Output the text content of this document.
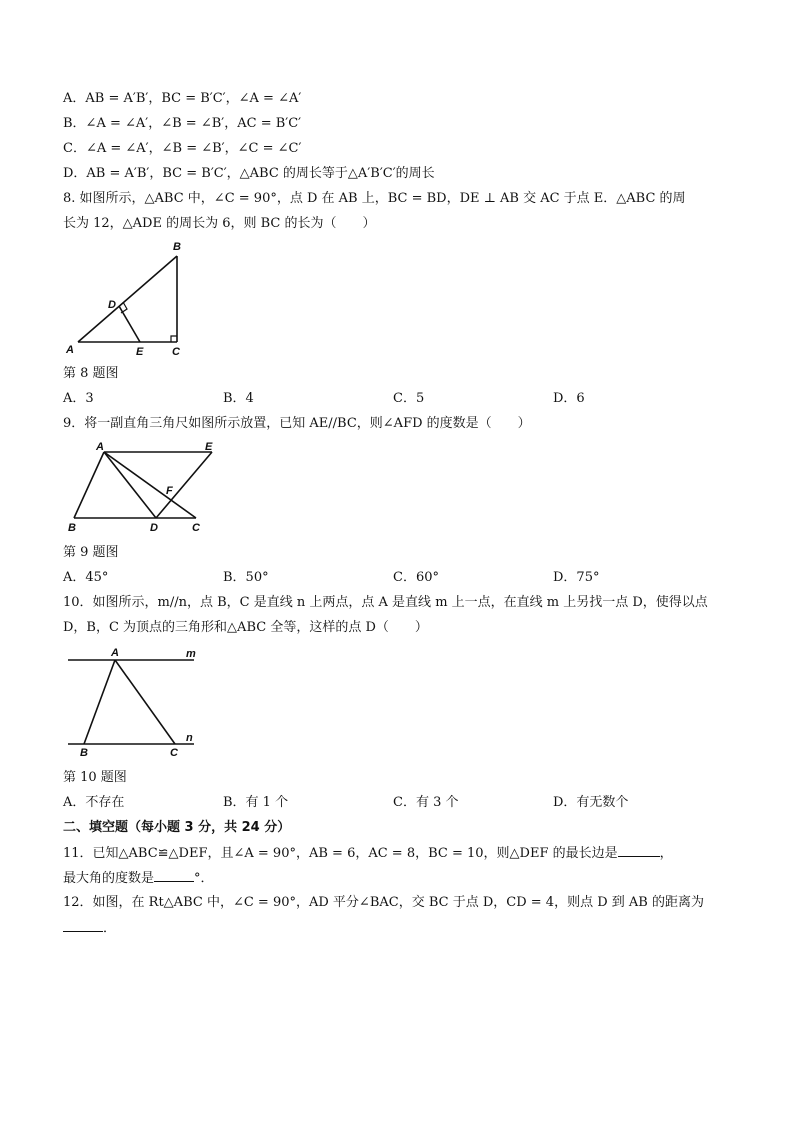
A．AB = A′B′，BC = B′C′，∠A = ∠A′
B．∠A = ∠A′，∠B = ∠B′，AC = B′C′
C．∠A = ∠A′，∠B = ∠B′，∠C = ∠C′
D．AB = A′B′，BC = B′C′，△ABC 的周长等于△A′B′C′的周长
8. 如图所示，△ABC 中，∠C = 90°，点 D 在 AB 上，BC = BD，DE ⊥ AB 交 AC 于点 E．△ABC 的周
长为 12，△ADE 的周长为 6，则 BC 的长为（　　）
B
D
A	E	C
第 8 题图
A．3	B．4	C．5	D．6
9．将一副直角三角尺如图所示放置，已知 AE//BC，则∠AFD 的度数是（　　）
A	E
F
B	D	C
第 9 题图
A．45°	B．50°	C．60°	D．75°
10．如图所示，m//n，点 B，C 是直线 n 上两点，点 A 是直线 m 上一点，在直线 m 上另找一点 D，使得以点
D，B，C 为顶点的三角形和△ABC 全等，这样的点 D（　　）
A	m
n
B	C
第 10 题图
A．不存在	B．有 1 个	C．有 3 个	D．有无数个
二、填空题（每小题 3 分，共 24 分）
11．已知△ABC≌△DEF，且∠A = 90°，AB = 6，AC = 8，BC = 10，则△DEF 的最长边是	，
最大角的度数是	°．
12．如图，在 Rt△ABC 中，∠C = 90°，AD 平分∠BAC，交 BC 于点 D，CD = 4，则点 D 到 AB 的距离为
．
